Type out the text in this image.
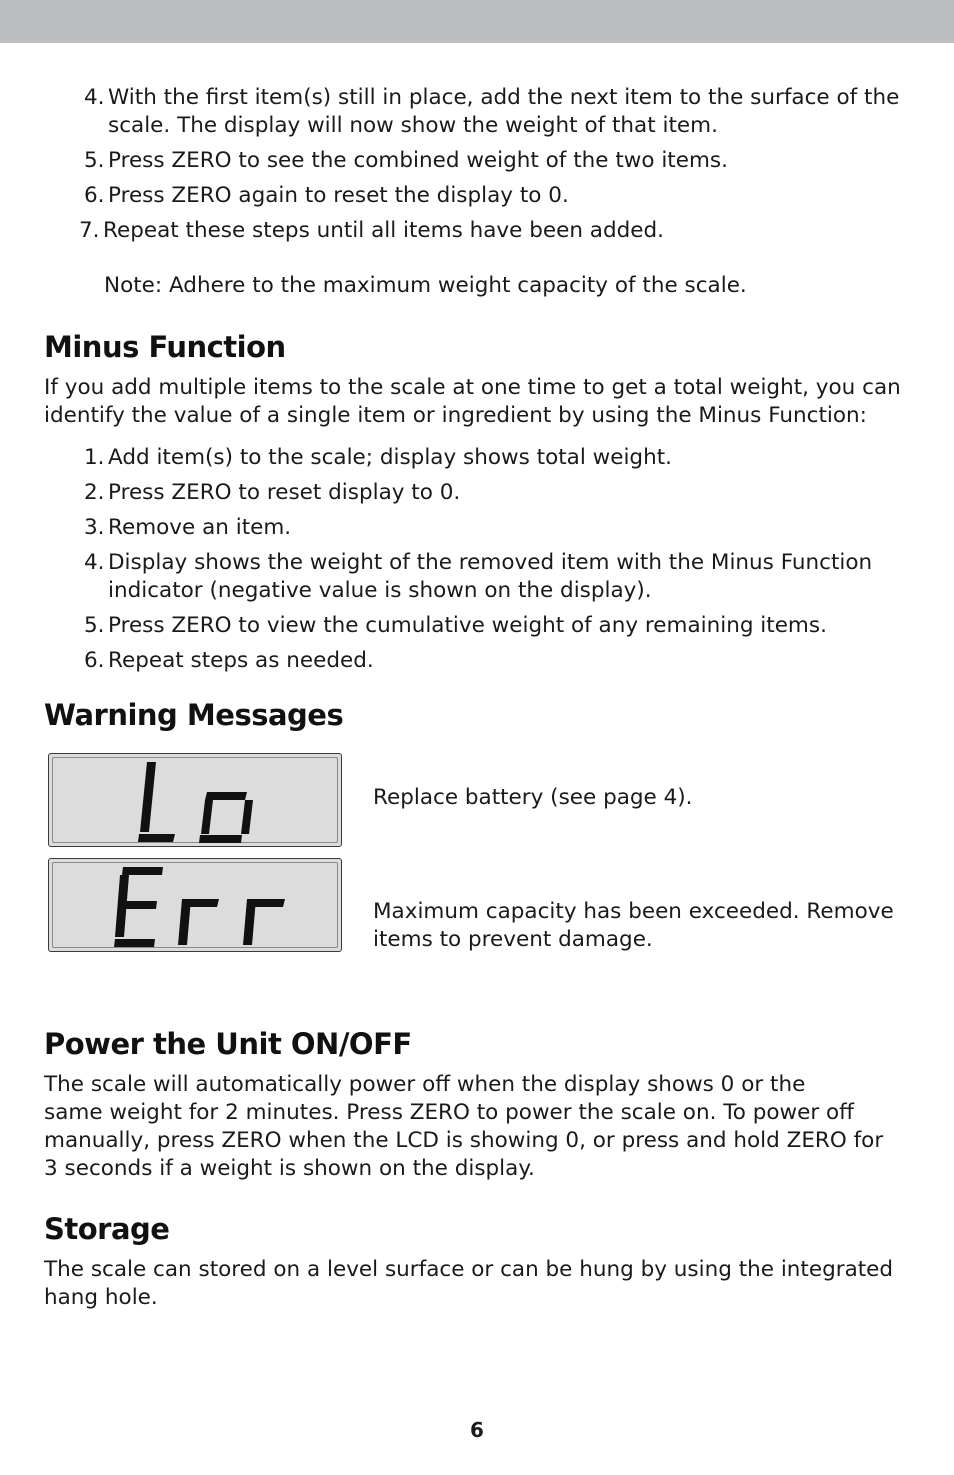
4. With the first item(s) still in place, add the next item to the surface of the
scale. The display will now show the weight of that item.
5. Press ZERO to see the combined weight of the two items.
6. Press ZERO again to reset the display to 0.
7. Repeat these steps until all items have been added.
Note: Adhere to the maximum weight capacity of the scale.
Minus Function
If you add multiple items to the scale at one time to get a total weight, you can
identify the value of a single item or ingredient by using the Minus Function:
1. Add item(s) to the scale; display shows total weight.
2. Press ZERO to reset display to 0.
3. Remove an item.
4. Display shows the weight of the removed item with the Minus Function
indicator (negative value is shown on the display).
5. Press ZERO to view the cumulative weight of any remaining items.
6. Repeat steps as needed.
Warning Messages
Replace battery (see page 4).
Maximum capacity has been exceeded. Remove
items to prevent damage.
Power the Unit ON/OFF
The scale will automatically power off when the display shows 0 or the
same weight for 2 minutes. Press ZERO to power the scale on. To power off
manually, press ZERO when the LCD is showing 0, or press and hold ZERO for
3 seconds if a weight is shown on the display.
Storage
The scale can stored on a level surface or can be hung by using the integrated
hang hole.
6
